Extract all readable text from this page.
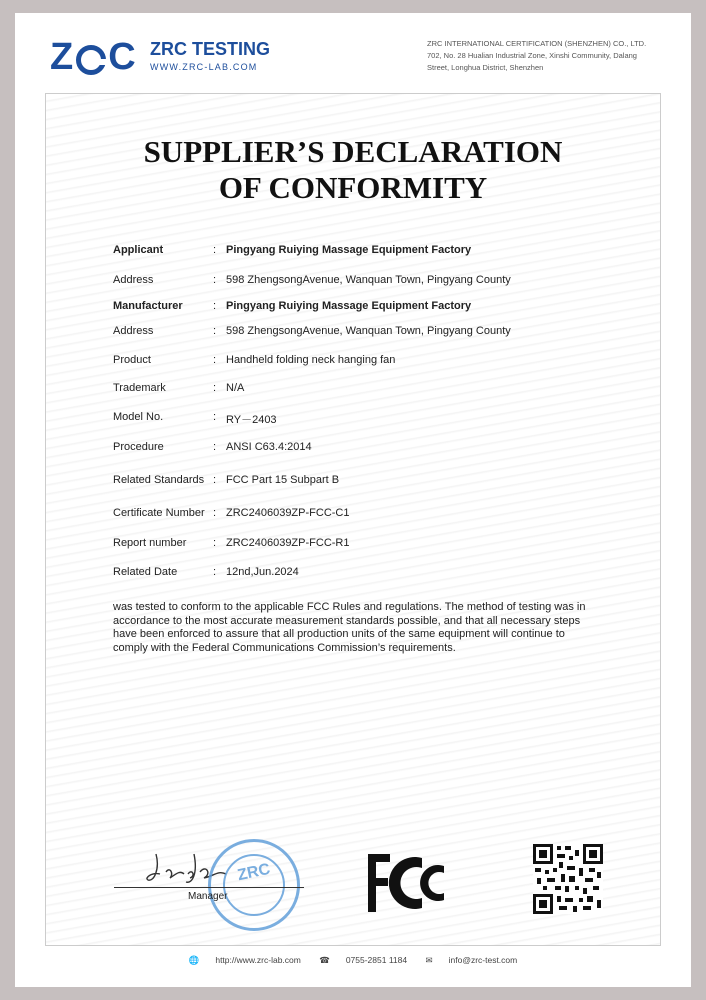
Z C ZRC TESTING
WWW.ZRC-LAB.COM
ZRC INTERNATIONAL CERTIFICATION (SHENZHEN) CO., LTD.
702, No. 28 Hualian Industrial Zone, Xinshi Community, Dalang
Street, Longhua District, Shenzhen
SUPPLIER’S DECLARATION
OF CONFORMITY
Applicant	: Pingyang Ruiying Massage Equipment Factory
Address	: 598 ZhengsongAvenue, Wanquan Town, Pingyang County
Manufacturer	: Pingyang Ruiying Massage Equipment Factory
Address	: 598 ZhengsongAvenue, Wanquan Town, Pingyang County
Product	: Handheld folding neck hanging fan
Trademark	: N/A
Model No.	: RY－2403
Procedure	: ANSI C63.4:2014
Related Standards : FCC Part 15 Subpart B
Certificate Number : ZRC2406039ZP-FCC-C1
Report number : ZRC2406039ZP-FCC-R1
Related Date	: 12nd,Jun.2024
was tested to conform to the applicable FCC Rules and regulations. The method of testing was in accordance to the most accurate measurement standards possible, and that all necessary steps have been enforced to assure that all production units of the same equipment will continue to comply with the Federal Communications Commission’s requirements.
ZRC
Manager
🌐 http://www.zrc-lab.com ☎ 0755-2851 1184 ✉ info@zrc-test.com
